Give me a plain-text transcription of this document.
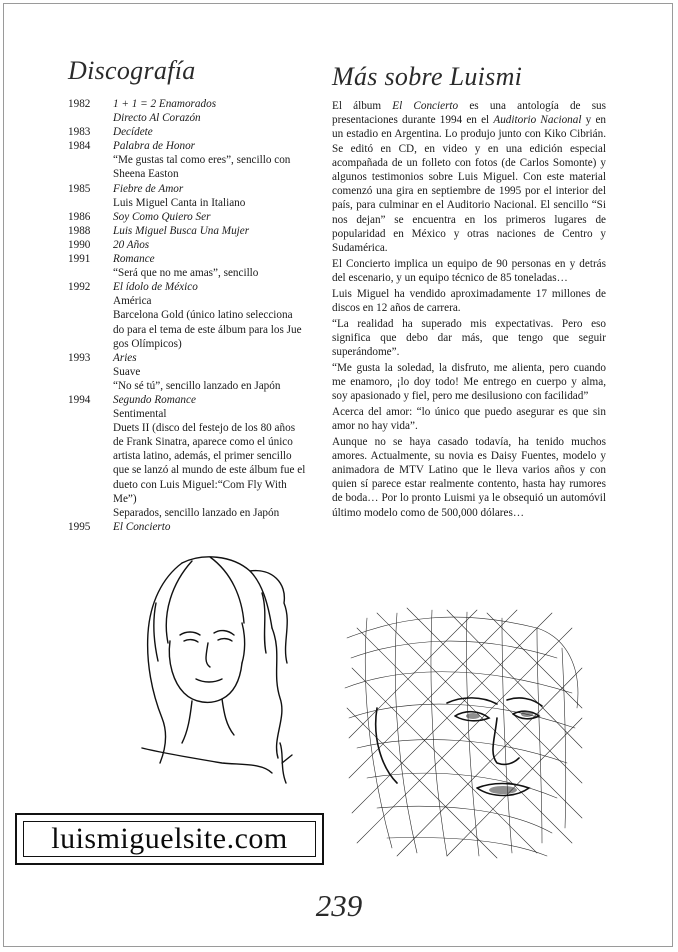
Discografía	Más sobre Luismi
1982	1 + 1 = 2 Enamorados
Directo Al Corazón
1983	Decídete
1984	Palabra de Honor
“Me gustas tal como eres”, sencillo con
Sheena Easton
1985	Fiebre de Amor
Luis Miguel Canta in Italiano
1986	Soy Como Quiero Ser
1988	Luis Miguel Busca Una Mujer
1990	20 Años
1991	Romance
“Será que no me amas”, sencillo
1992	El ídolo de México
América
Barcelona Gold (único latino selecciona
do para el tema de este álbum para los Jue
gos Olímpicos)
1993	Aries
Suave
“No sé tú”, sencillo lanzado en Japón
1994	Segundo Romance
Sentimental
Duets II (disco del festejo de los 80 años
de Frank Sinatra, aparece como el único
artista latino, además, el primer sencillo
que se lanzó al mundo de este álbum fue el
dueto con Luis Miguel:“Com Fly With
Me”)
Separados, sencillo lanzado en Japón
1995	El Concierto

El álbum El Concierto es una antología de sus presentaciones durante 1994 en el Auditorio Nacional y en un estadio en Argentina. Lo produjo junto con Kiko Cibrián. Se editó en CD, en video y en una edición especial acompañada de un folleto con fotos (de Carlos Somonte) y algunos testimonios sobre Luis Miguel. Con este material comenzó una gira en septiembre de 1995 por el interior del país, para culminar en el Auditorio Nacional. El sencillo “Si nos dejan” se encuentra en los primeros lugares de popularidad en México y otras naciones de Centro y Sudamérica.

El Concierto implica un equipo de 90 personas en y detrás del escenario, y un equipo técnico de 85 toneladas…

Luis Miguel ha vendido aproximadamente 17 millones de discos en 12 años de carrera.

“La realidad ha superado mis expectativas. Pero eso significa que debo dar más, que tengo que seguir superándome”.

“Me gusta la soledad, la disfruto, me alienta, pero cuando me enamoro, ¡lo doy todo! Me entrego en cuerpo y alma, soy apasionado y fiel, pero me desilusiono con facilidad”

Acerca del amor: “lo único que puedo asegurar es que sin amor no hay vida”.

Aunque no se haya casado todavía, ha tenido muchos amores. Actualmente, su novia es Daisy Fuentes, modelo y animadora de MTV Latino que le lleva varios años y con quien sí parece estar realmente contento, hasta hay rumores de boda… Por lo pronto Luismi ya le obsequió un automóvil último modelo como de 500,000 dólares…

luismiguelsite.com
239
